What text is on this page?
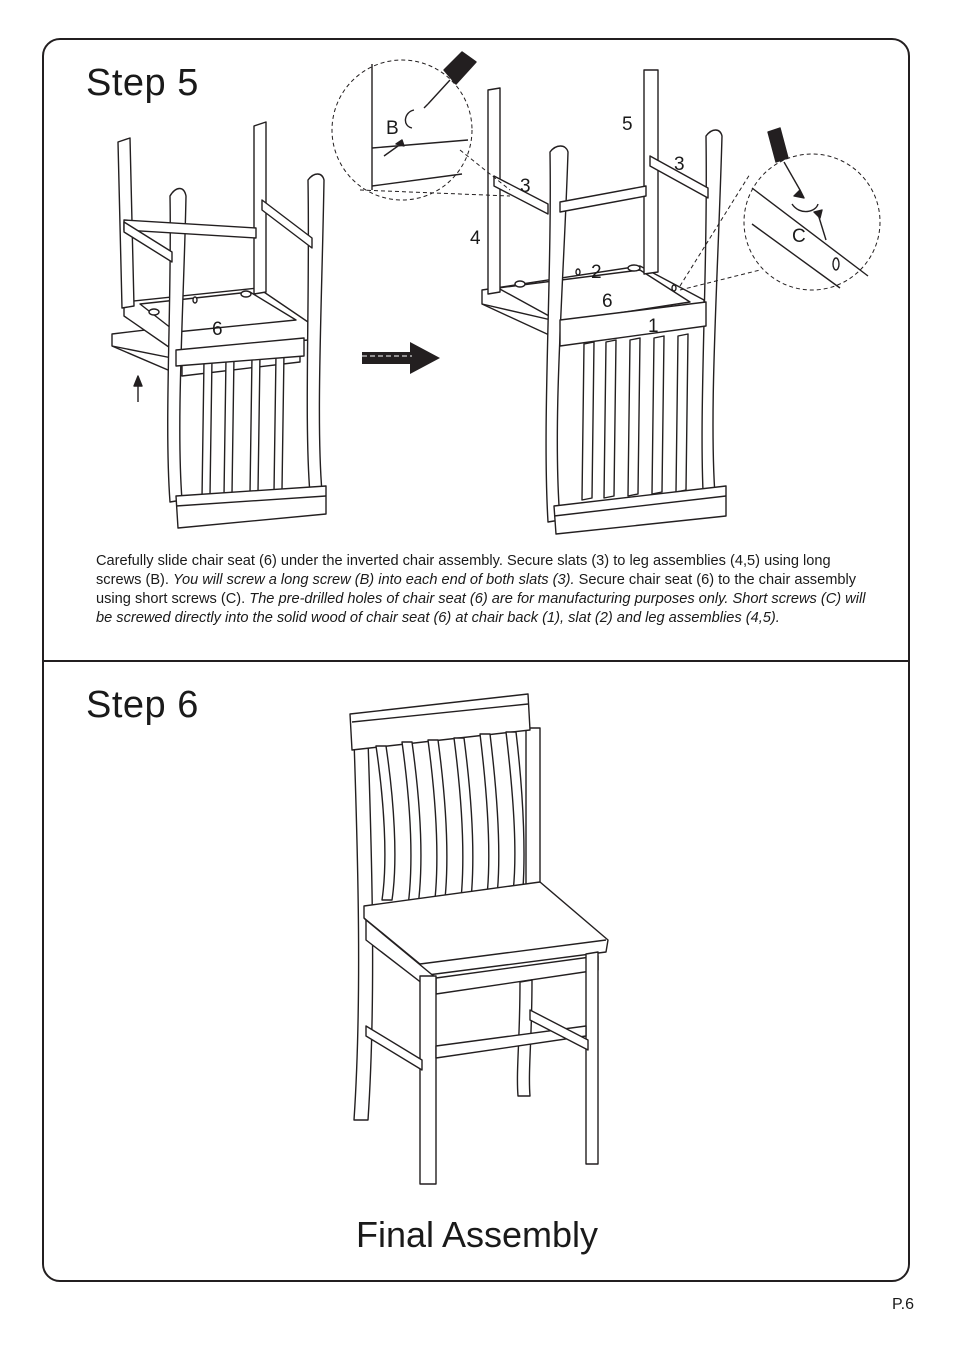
Step 5
Step 6
6
5
3
3
4
2
6
1
B
C

Carefully slide chair seat (6) under the inverted chair assembly. Secure slats (3) to leg assemblies (4,5) using long screws (B). You will screw a long screw (B) into each end of both slats (3). Secure chair seat (6) to the chair assembly using short screws (C). The pre-drilled holes of chair seat (6) are for manufacturing purposes only. Short screws (C) will be screwed directly into the solid wood of chair seat (6) at chair back (1), slat (2) and leg assemblies (4,5).

Final Assembly
P.6
